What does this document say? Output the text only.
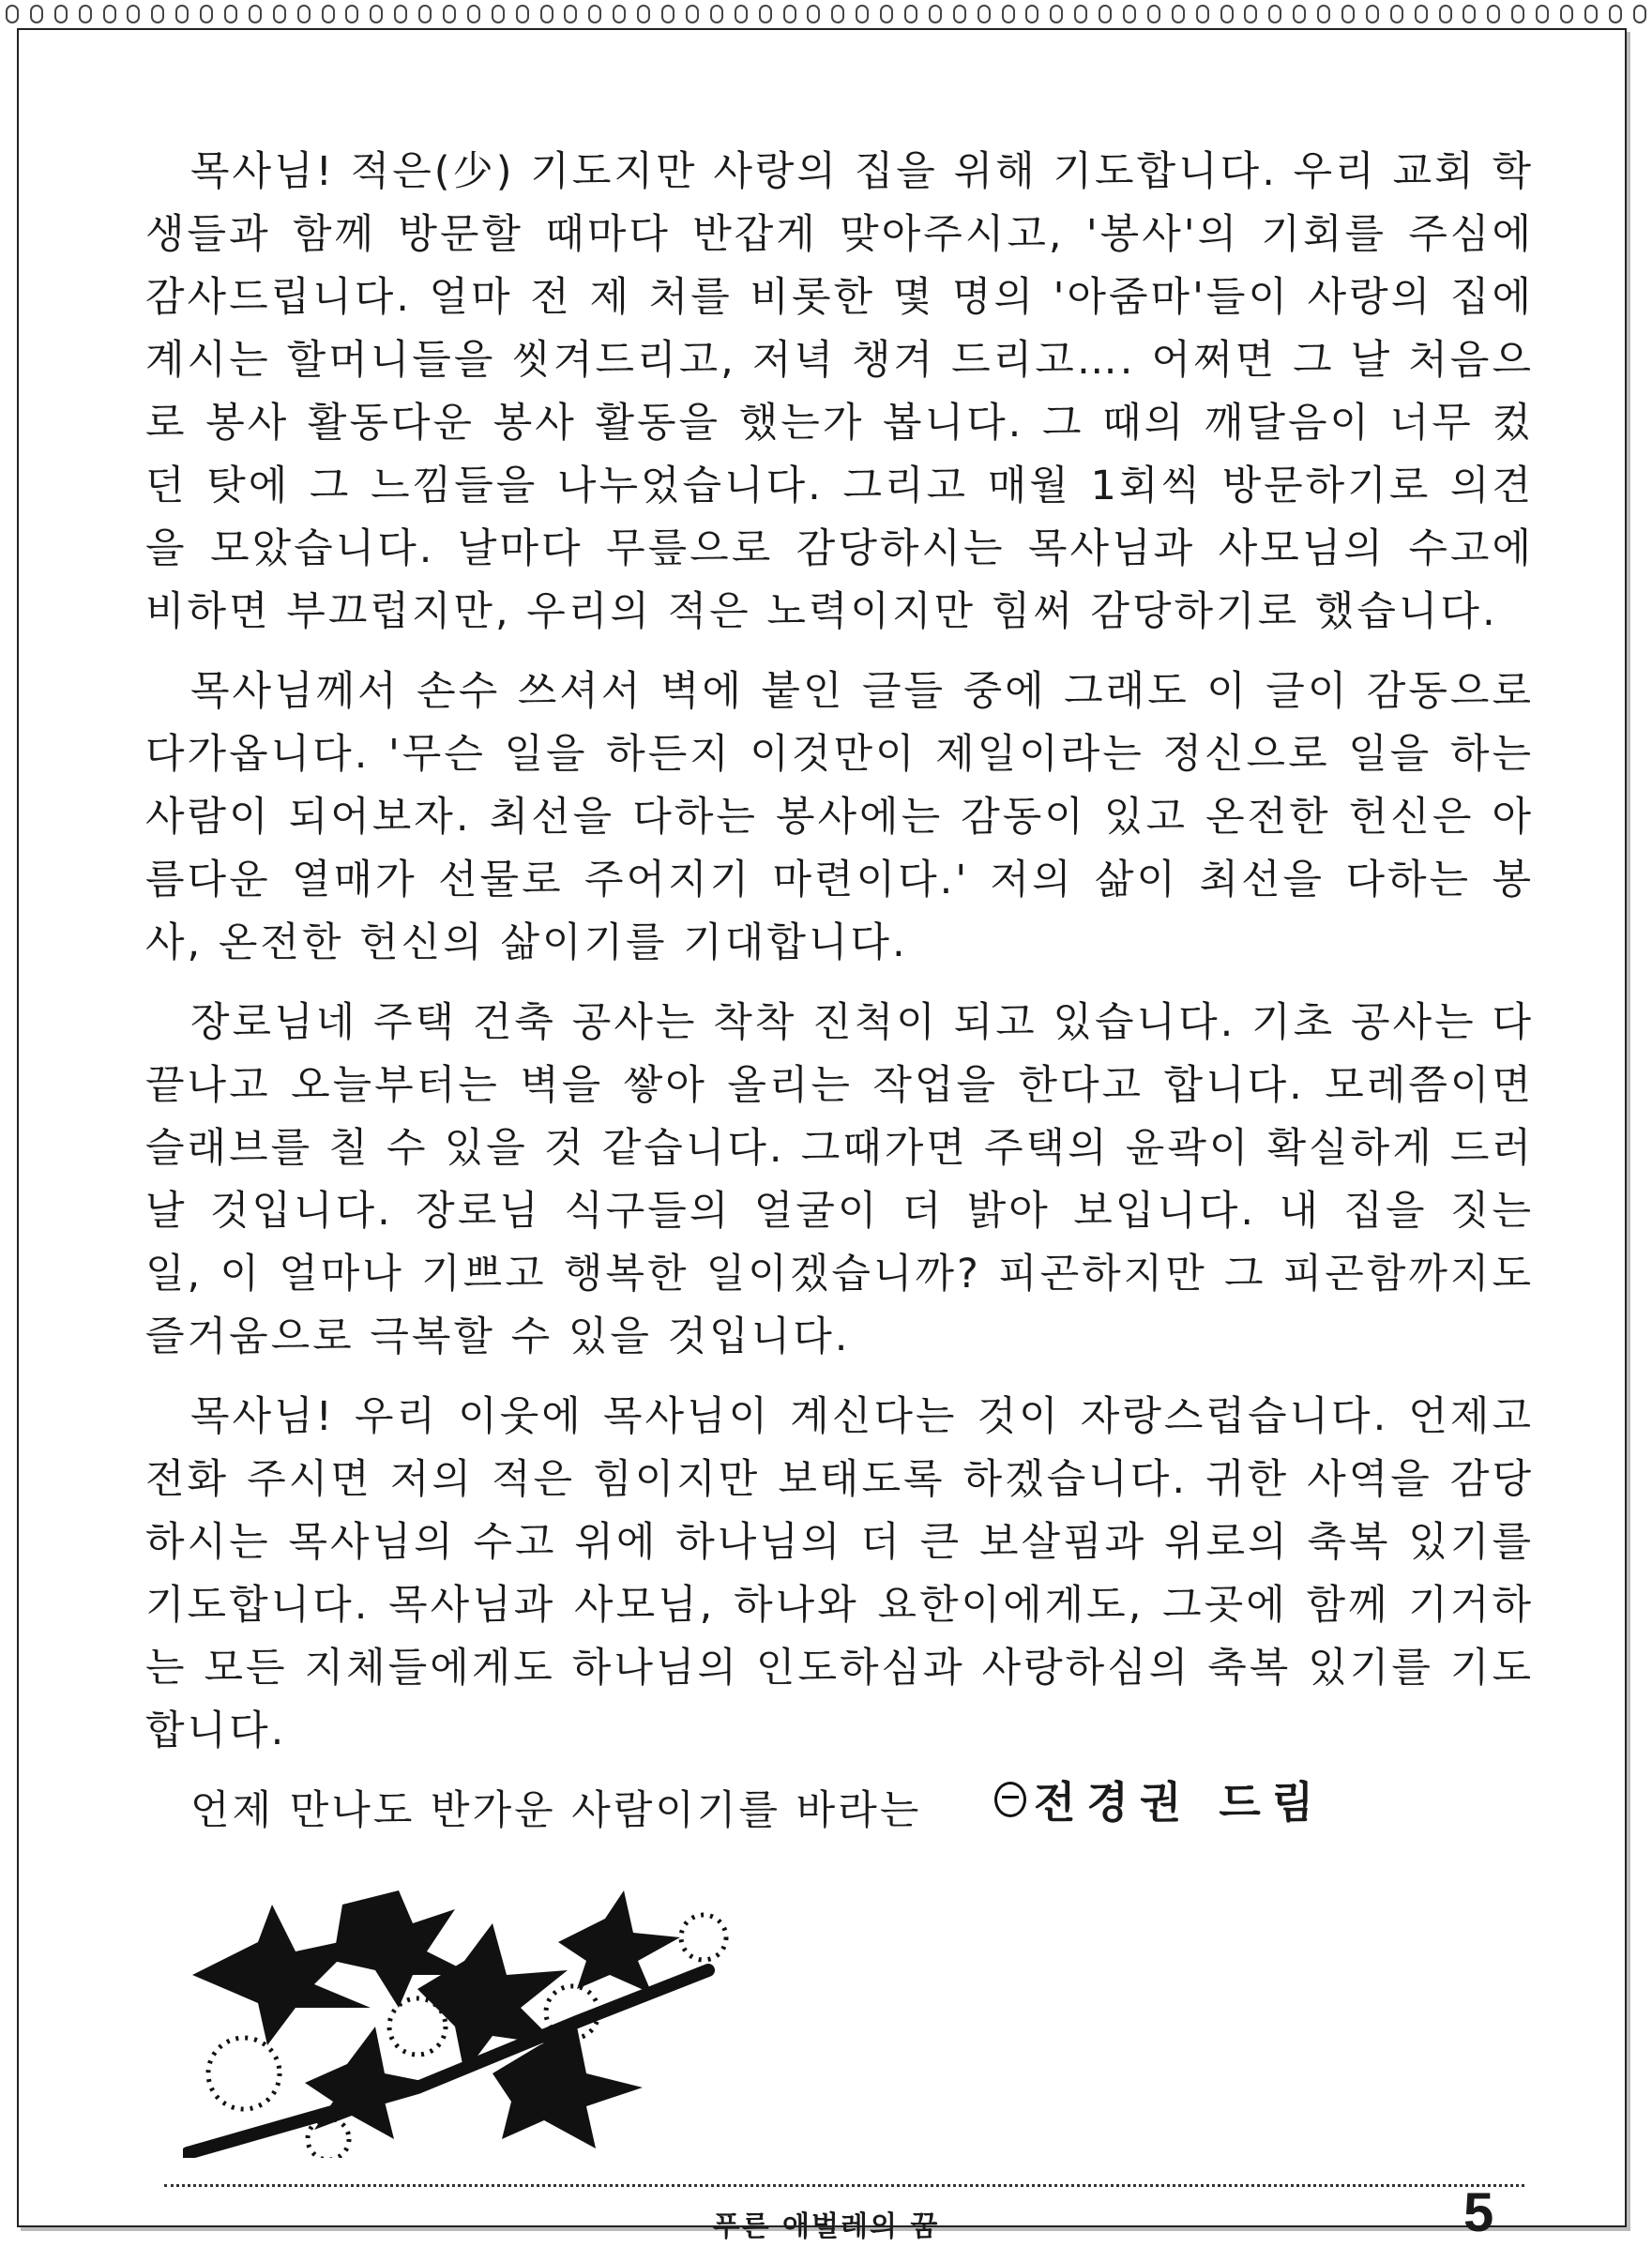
목사님! 적은(少) 기도지만 사랑의 집을 위해 기도합니다. 우리 교회 학생들과 함께 방문할 때마다 반갑게 맞아주시고, '봉사'의 기회를 주심에 감사드립니다. 얼마 전 제 처를 비롯한 몇 명의 '아줌마'들이 사랑의 집에 계시는 할머니들을 씻겨드리고, 저녁 챙겨 드리고…. 어쩌면 그 날 처음으로 봉사 활동다운 봉사 활동을 했는가 봅니다. 그 때의 깨달음이 너무 컸던 탓에 그 느낌들을 나누었습니다. 그리고 매월 1회씩 방문하기로 의견을 모았습니다. 날마다 무릎으로 감당하시는 목사님과 사모님의 수고에 비하면 부끄럽지만, 우리의 적은 노력이지만 힘써 감당하기로 했습니다.

목사님께서 손수 쓰셔서 벽에 붙인 글들 중에 그래도 이 글이 감동으로 다가옵니다. '무슨 일을 하든지 이것만이 제일이라는 정신으로 일을 하는 사람이 되어보자. 최선을 다하는 봉사에는 감동이 있고 온전한 헌신은 아름다운 열매가 선물로 주어지기 마련이다.' 저의 삶이 최선을 다하는 봉사, 온전한 헌신의 삶이기를 기대합니다.

장로님네 주택 건축 공사는 착착 진척이 되고 있습니다. 기초 공사는 다 끝나고 오늘부터는 벽을 쌓아 올리는 작업을 한다고 합니다. 모레쯤이면 슬래브를 칠 수 있을 것 같습니다. 그때가면 주택의 윤곽이 확실하게 드러날 것입니다. 장로님 식구들의 얼굴이 더 밝아 보입니다. 내 집을 짓는 일, 이 얼마나 기쁘고 행복한 일이겠습니까? 피곤하지만 그 피곤함까지도 즐거움으로 극복할 수 있을 것입니다.

목사님! 우리 이웃에 목사님이 계신다는 것이 자랑스럽습니다. 언제고 전화 주시면 저의 적은 힘이지만 보태도록 하겠습니다. 귀한 사역을 감당하시는 목사님의 수고 위에 하나님의 더 큰 보살핌과 위로의 축복 있기를 기도합니다. 목사님과 사모님, 하나와 요한이에게도, 그곳에 함께 기거하는 모든 지체들에게도 하나님의 인도하심과 사랑하심의 축복 있기를 기도합니다.

언제 만나도 반가운 사람이기를 바라는	전경권 드림
푸른 애벌레의 꿈	5
